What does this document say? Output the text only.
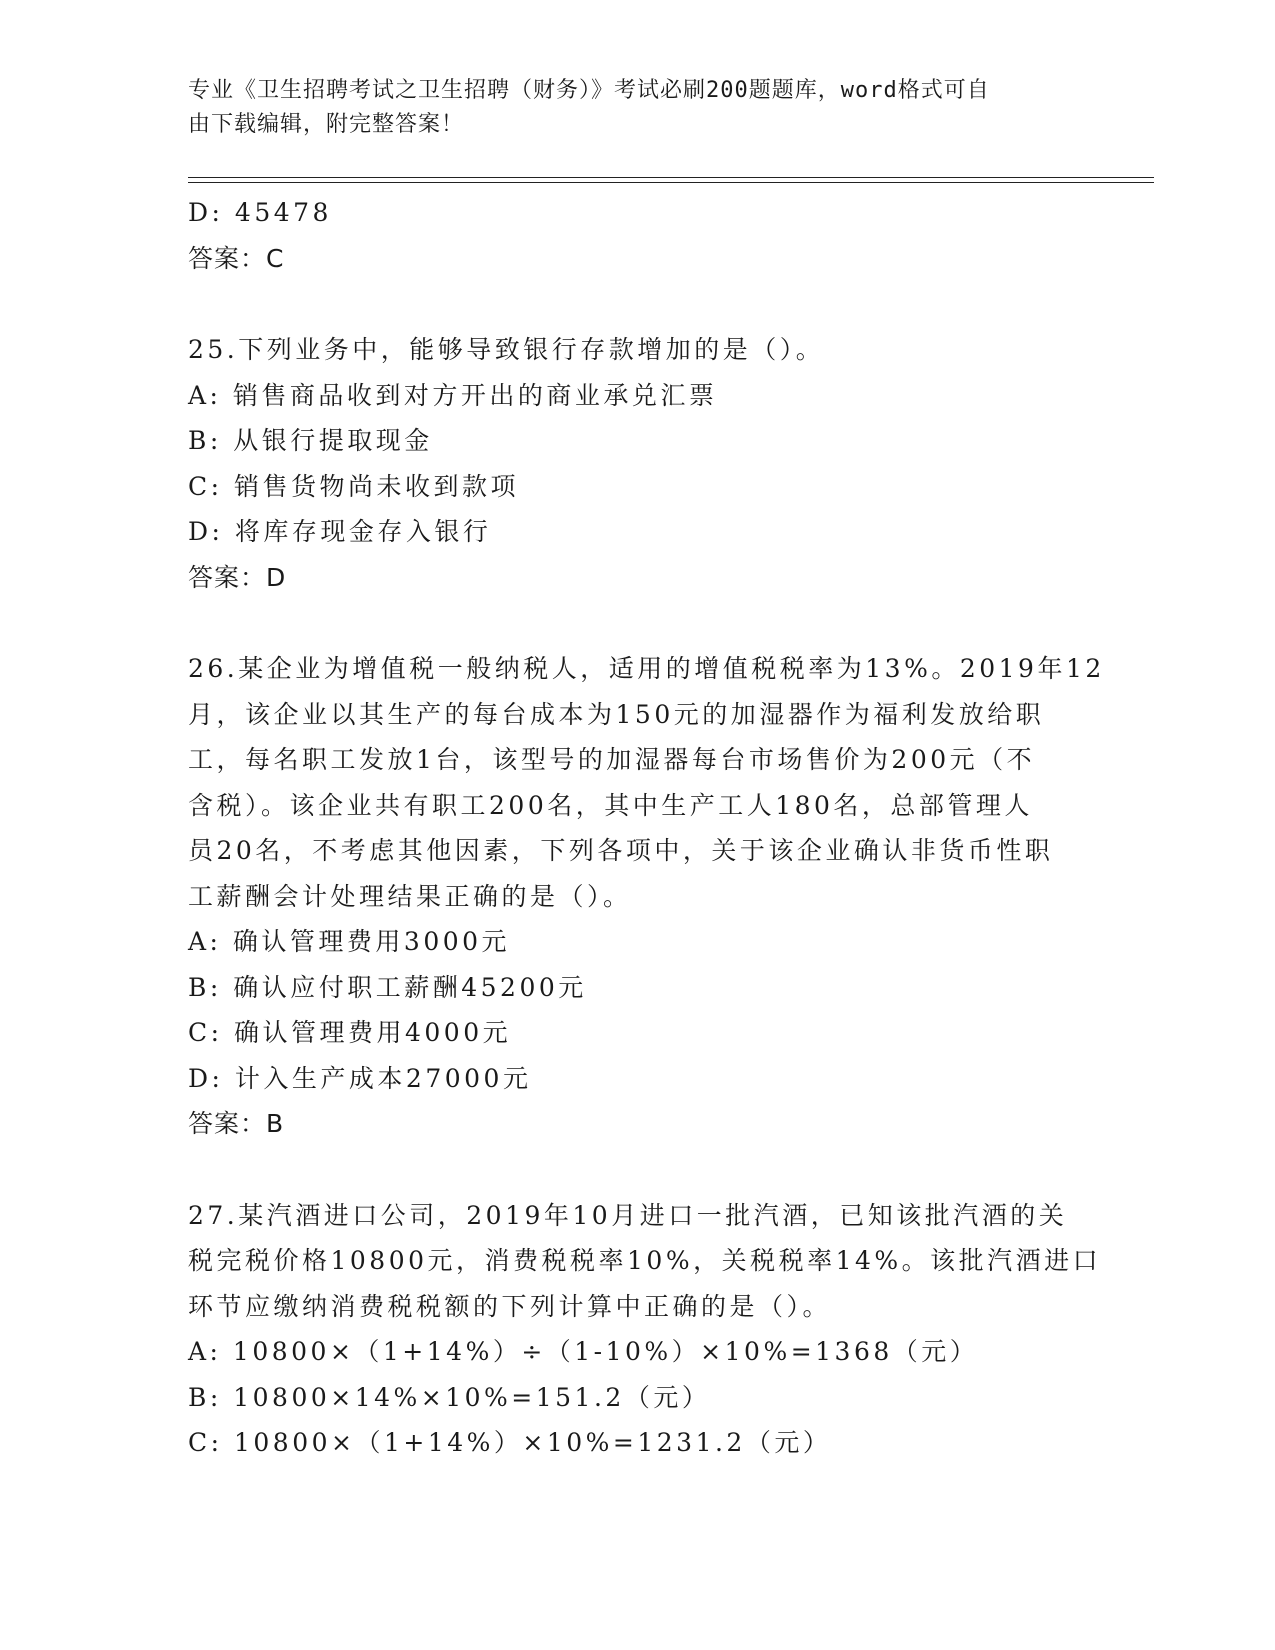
专业《卫生招聘考试之卫生招聘（财务）》考试必刷200题题库，word格式可自
由下载编辑，附完整答案！
D: 45478
答案：C
25.下列业务中，能够导致银行存款增加的是（）。
A: 销售商品收到对方开出的商业承兑汇票
B: 从银行提取现金
C: 销售货物尚未收到款项
D: 将库存现金存入银行
答案：D
26.某企业为增值税一般纳税人，适用的增值税税率为13%。2019年12
月，该企业以其生产的每台成本为150元的加湿器作为福利发放给职
工，每名职工发放1台，该型号的加湿器每台市场售价为200元（不
含税）。该企业共有职工200名，其中生产工人180名，总部管理人
员20名，不考虑其他因素，下列各项中，关于该企业确认非货币性职
工薪酬会计处理结果正确的是（）。
A: 确认管理费用3000元
B: 确认应付职工薪酬45200元
C: 确认管理费用4000元
D: 计入生产成本27000元
答案：B
27.某汽酒进口公司，2019年10月进口一批汽酒，已知该批汽酒的关
税完税价格10800元，消费税税率10%，关税税率14%。该批汽酒进口
环节应缴纳消费税税额的下列计算中正确的是（）。
A: 10800×（1+14%）÷（1-10%）×10%=1368（元）
B: 10800×14%×10%=151.2（元）
C: 10800×（1+14%）×10%=1231.2（元）
